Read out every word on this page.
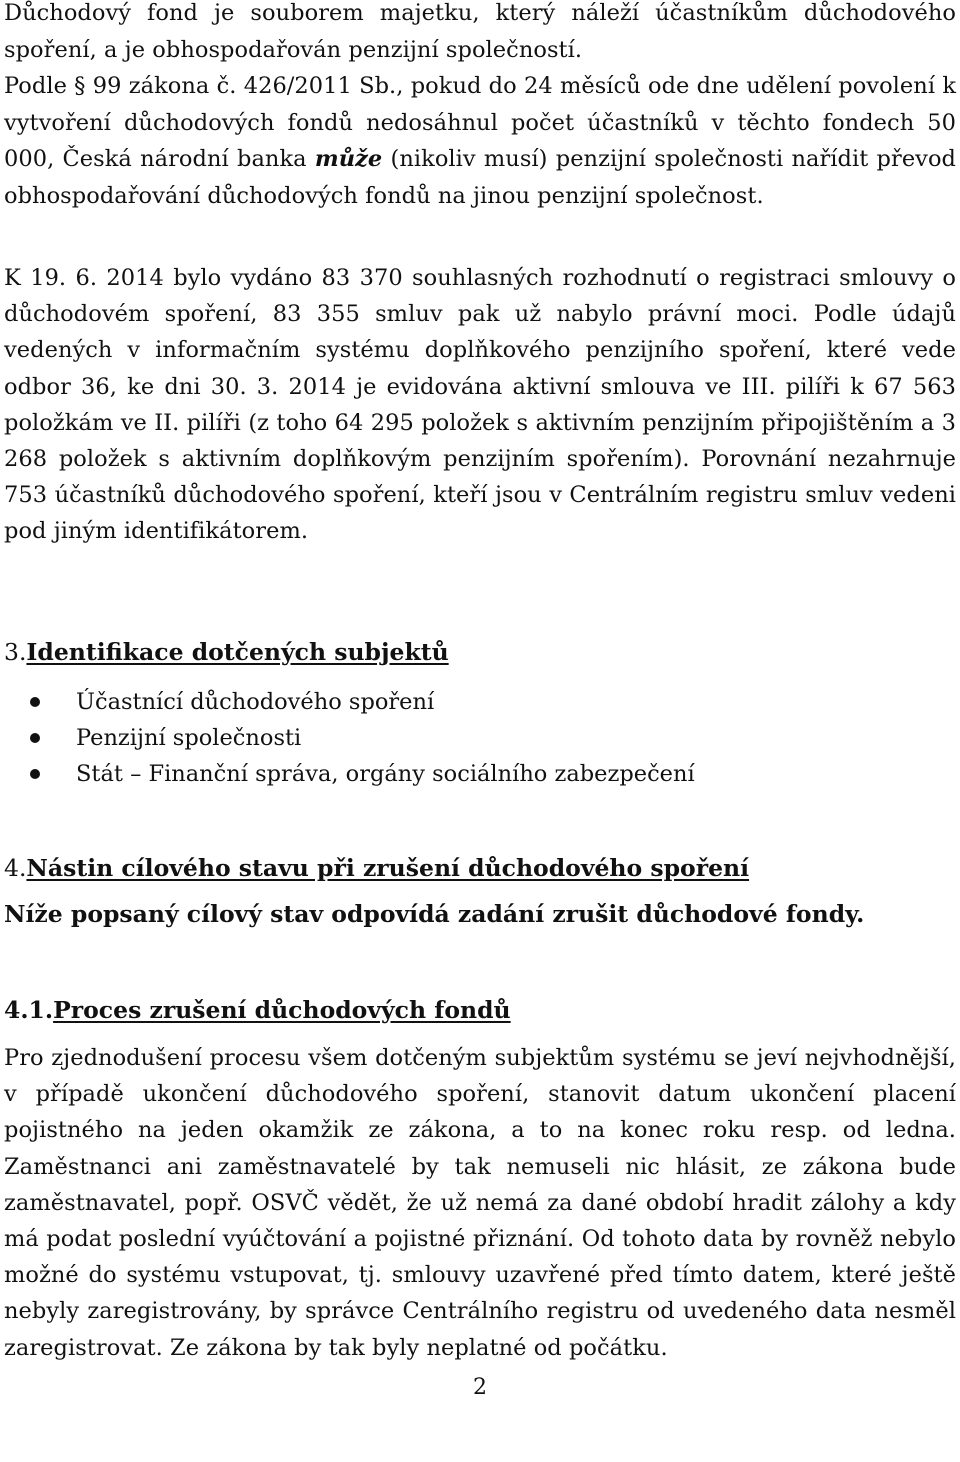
Důchodový fond je souborem majetku, který náleží účastníkům důchodového spoření, a je obhospodařován penzijní společností.

Podle § 99 zákona č. 426/2011 Sb., pokud do 24 měsíců ode dne udělení povolení k vytvoření důchodových fondů nedosáhnul počet účastníků v těchto fondech 50 000, Česká národní banka může (nikoliv musí) penzijní společnosti nařídit převod obhospodařování důchodových fondů na jinou penzijní společnost.

K 19. 6. 2014 bylo vydáno 83 370 souhlasných rozhodnutí o registraci smlouvy o důchodovém spoření, 83 355 smluv pak už nabylo právní moci. Podle údajů vedených v informačním systému doplňkového penzijního spoření, které vede odbor 36, ke dni 30. 3. 2014 je evidována aktivní smlouva ve III. pilíři k 67 563 položkám ve II. pilíři (z toho 64 295 položek s aktivním penzijním připojištěním a 3 268 položek s aktivním doplňkovým penzijním spořením). Porovnání nezahrnuje 753 účastníků důchodového spoření, kteří jsou v Centrálním registru smluv vedeni pod jiným identifikátorem.

3.Identifikace dotčených subjektů
Účastnící důchodového spoření
Penzijní společnosti
Stát – Finanční správa, orgány sociálního zabezpečení
4.Nástin cílového stavu při zrušení důchodového spoření

Níže popsaný cílový stav odpovídá zadání zrušit důchodové fondy.

4.1.Proces zrušení důchodových fondů

Pro zjednodušení procesu všem dotčeným subjektům systému se jeví nejvhodnější, v případě ukončení důchodového spoření, stanovit datum ukončení placení pojistného na jeden okamžik ze zákona, a to na konec roku resp. od ledna. Zaměstnanci ani zaměstnavatelé by tak nemuseli nic hlásit, ze zákona bude zaměstnavatel, popř. OSVČ vědět, že už nemá za dané období hradit zálohy a kdy má podat poslední vyúčtování a pojistné přiznání. Od tohoto data by rovněž nebylo možné do systému vstupovat, tj. smlouvy uzavřené před tímto datem, které ještě nebyly zaregistrovány, by správce Centrálního registru od uvedeného data nesměl zaregistrovat. Ze zákona by tak byly neplatné od počátku.

2
